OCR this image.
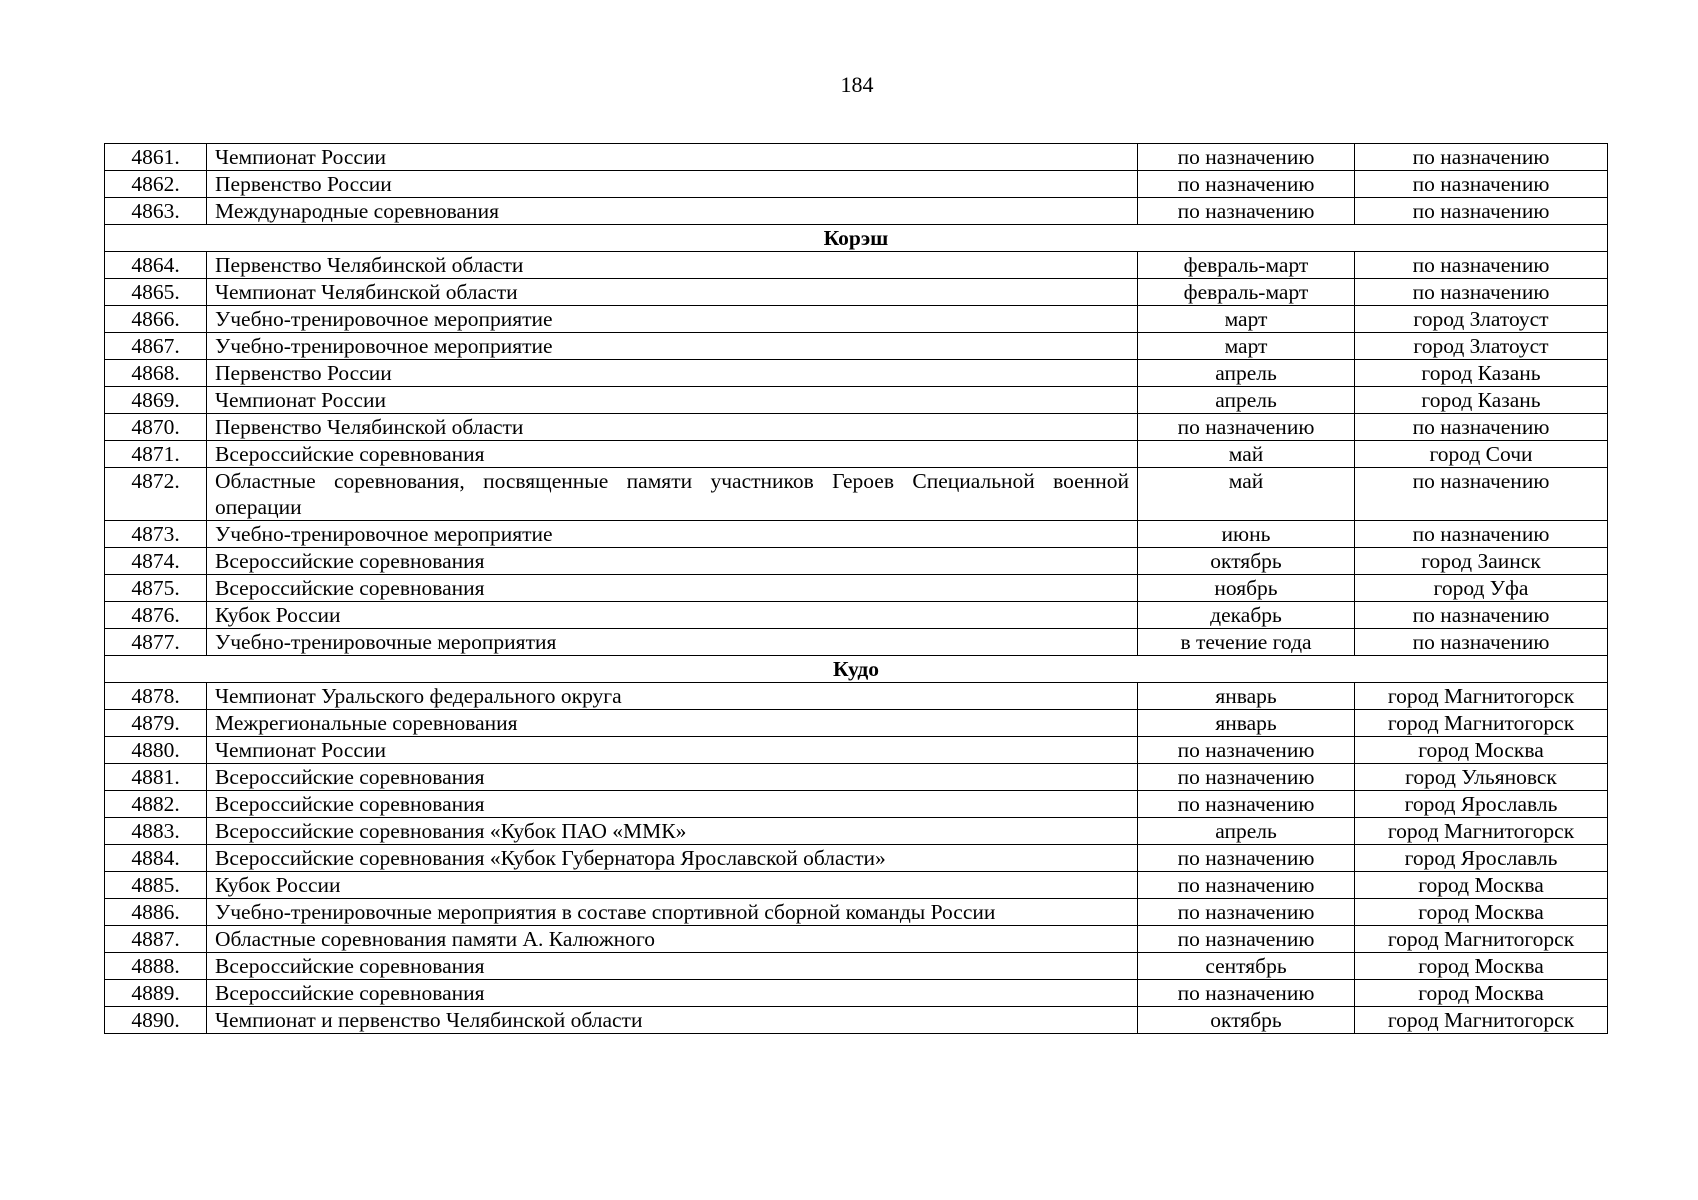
184
4861.	Чемпионат России	по назначению	по назначению
4862.	Первенство России	по назначению	по назначению
4863.	Международные соревнования	по назначению	по назначению
Корэш			
4864.	Первенство Челябинской области	февраль-март	по назначению
4865.	Чемпионат Челябинской области	февраль-март	по назначению
4866.	Учебно-тренировочное мероприятие	март	город Златоуст
4867.	Учебно-тренировочное мероприятие	март	город Златоуст
4868.	Первенство России	апрель	город Казань
4869.	Чемпионат России	апрель	город Казань
4870.	Первенство Челябинской области	по назначению	по назначению
4871.	Всероссийские соревнования	май	город Сочи
4872.	Областные соревнования, посвященные памяти участников Героев Специальной военной операции	май	по назначению
4873.	Учебно-тренировочное мероприятие	июнь	по назначению
4874.	Всероссийские соревнования	октябрь	город Заинск
4875.	Всероссийские соревнования	ноябрь	город Уфа
4876.	Кубок России	декабрь	по назначению
4877.	Учебно-тренировочные мероприятия	в течение года	по назначению
Кудо			
4878.	Чемпионат Уральского федерального округа	январь	город Магнитогорск
4879.	Межрегиональные соревнования	январь	город Магнитогорск
4880.	Чемпионат России	по назначению	город Москва
4881.	Всероссийские соревнования	по назначению	город Ульяновск
4882.	Всероссийские соревнования	по назначению	город Ярославль
4883.	Всероссийские соревнования «Кубок ПАО «ММК»	апрель	город Магнитогорск
4884.	Всероссийские соревнования «Кубок Губернатора Ярославской области»	по назначению	город Ярославль
4885.	Кубок России	по назначению	город Москва
4886.	Учебно-тренировочные мероприятия в составе спортивной сборной команды России	по назначению	город Москва
4887.	Областные соревнования памяти А. Калюжного	по назначению	город Магнитогорск
4888.	Всероссийские соревнования	сентябрь	город Москва
4889.	Всероссийские соревнования	по назначению	город Москва
4890.	Чемпионат и первенство Челябинской области	октябрь	город Магнитогорск
